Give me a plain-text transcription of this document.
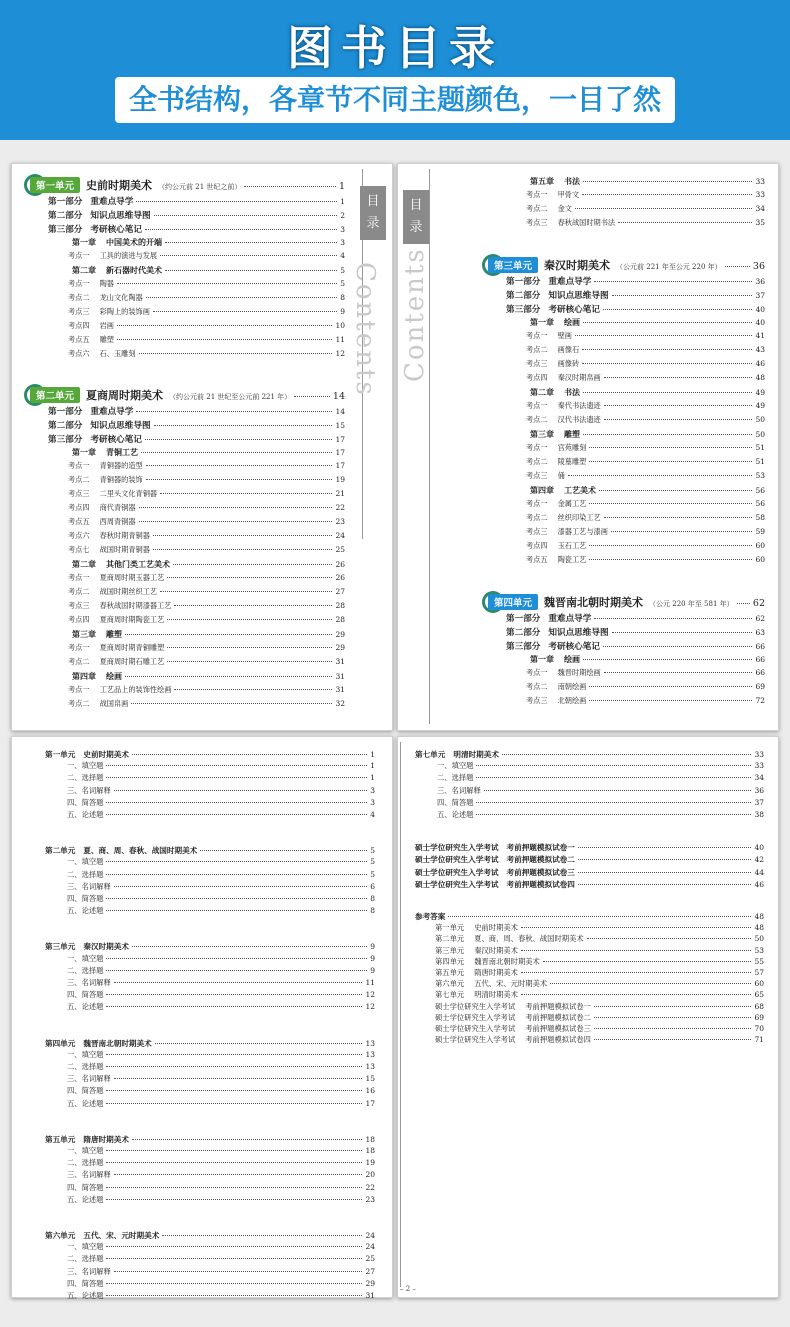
图书目录
全书结构，各章节不同主题颜色，一目了然
第一单元	史前时期美术 （约公元前 21 世纪之前）	1
第一部分 重难点导学	1
第二部分 知识点思维导图	2
第三部分 考研核心笔记	3
第一章 中国美术的开端	3
考点一 工具的演进与发展	4
第二章 新石器时代美术	5
考点一 陶器	5
考点二 龙山文化陶器	8
考点三 彩陶上的装饰画	9
考点四 岩画	10
考点五 雕塑	11
考点六 石、玉雕刻	12
第二单元	夏商周时期美术 （约公元前 21 世纪至公元前 221 年）	14
第一部分 重难点导学	14
第二部分 知识点思维导图	15
第三部分 考研核心笔记	17
第一章 青铜工艺	17
考点一 青铜器的造型	17
考点二 青铜器的装饰	19
考点三 二里头文化青铜器	21
考点四 商代青铜器	22
考点五 西周青铜器	23
考点六 春秋时期青铜器	24
考点七 战国时期青铜器	25
第二章 其他门类工艺美术	26
考点一 夏商周时期玉器工艺	26
考点二 战国时期丝织工艺	27
考点三 春秋战国时期漆器工艺	28
考点四 夏商周时期陶瓷工艺	28
第三章 雕塑	29
考点一 夏商周时期青铜雕塑	29
考点二 夏商周时期石雕工艺	31
第四章 绘画	31
考点一 工艺品上的装饰性绘画	31
考点二 战国帛画	32
目
录
Contents
第五章 书法	33
考点一 甲骨文	33
考点二 金文	34
考点三 春秋战国时期书法	35
第三单元	秦汉时期美术 （公元前 221 年至公元 220 年）	36
第一部分 重难点导学	36
第二部分 知识点思维导图	37
第三部分 考研核心笔记	40
第一章 绘画	40
考点一 壁画	41
考点二 画像石	43
考点三 画像砖	46
考点四 秦汉时期帛画	48
第二章 书法	49
考点一 秦代书法遗迹	49
考点二 汉代书法遗迹	50
第三章 雕塑	50
考点一 宫苑雕刻	51
考点二 陵墓雕塑	51
考点三 俑	53
第四章 工艺美术	56
考点一 金属工艺	56
考点二 丝织印染工艺	58
考点三 漆器工艺与漆画	59
考点四 玉石工艺	60
考点五 陶瓷工艺	60
第四单元	魏晋南北朝时期美术 （公元 220 年至 581 年） 62
第一部分 重难点导学	62
第二部分 知识点思维导图	63
第三部分 考研核心笔记	66
第一章 绘画	66
考点一 魏晋时期绘画	66
考点二 南朝绘画	69
考点三 北朝绘画	72
目
录
Contents
第一单元 史前时期美术	1
一、填空题	1
二、选择题	1
三、名词解释	3
四、简答题	3
五、论述题	4
第二单元 夏、商、周、春秋、战国时期美术	5
一、填空题	5
二、选择题	5
三、名词解释	6
四、简答题	8
五、论述题	8
第三单元 秦汉时期美术	9
一、填空题	9
二、选择题	9
三、名词解释	11
四、简答题	12
五、论述题	12
第四单元 魏晋南北朝时期美术	13
一、填空题	13
二、选择题	13
三、名词解释	15
四、简答题	16
五、论述题	17
第五单元 隋唐时期美术	18
一、填空题	18
二、选择题	19
三、名词解释	20
四、简答题	22
五、论述题	23
第六单元 五代、宋、元时期美术	24
一、填空题	24
二、选择题	25
三、名词解释	27
四、简答题	29
五、论述题	31
第七单元 明清时期美术	33
一、填空题	33
二、选择题	34
三、名词解释	36
四、简答题	37
五、论述题	38
硕士学位研究生入学考试 考前押题模拟试卷一	40
硕士学位研究生入学考试 考前押题模拟试卷二	42
硕士学位研究生入学考试 考前押题模拟试卷三	44
硕士学位研究生入学考试 考前押题模拟试卷四	46
参考答案	48
第一单元 史前时期美术	48
第二单元 夏、商、周、春秋、战国时期美术	50
第三单元 秦汉时期美术	53
第四单元 魏晋南北朝时期美术	55
第五单元 隋唐时期美术	57
第六单元 五代、宋、元时期美术	60
第七单元 明清时期美术	65
硕士学位研究生入学考试 考前押题模拟试卷一	68
硕士学位研究生入学考试 考前押题模拟试卷二	69
硕士学位研究生入学考试 考前押题模拟试卷三	70
硕士学位研究生入学考试 考前押题模拟试卷四	71
– 2 –
